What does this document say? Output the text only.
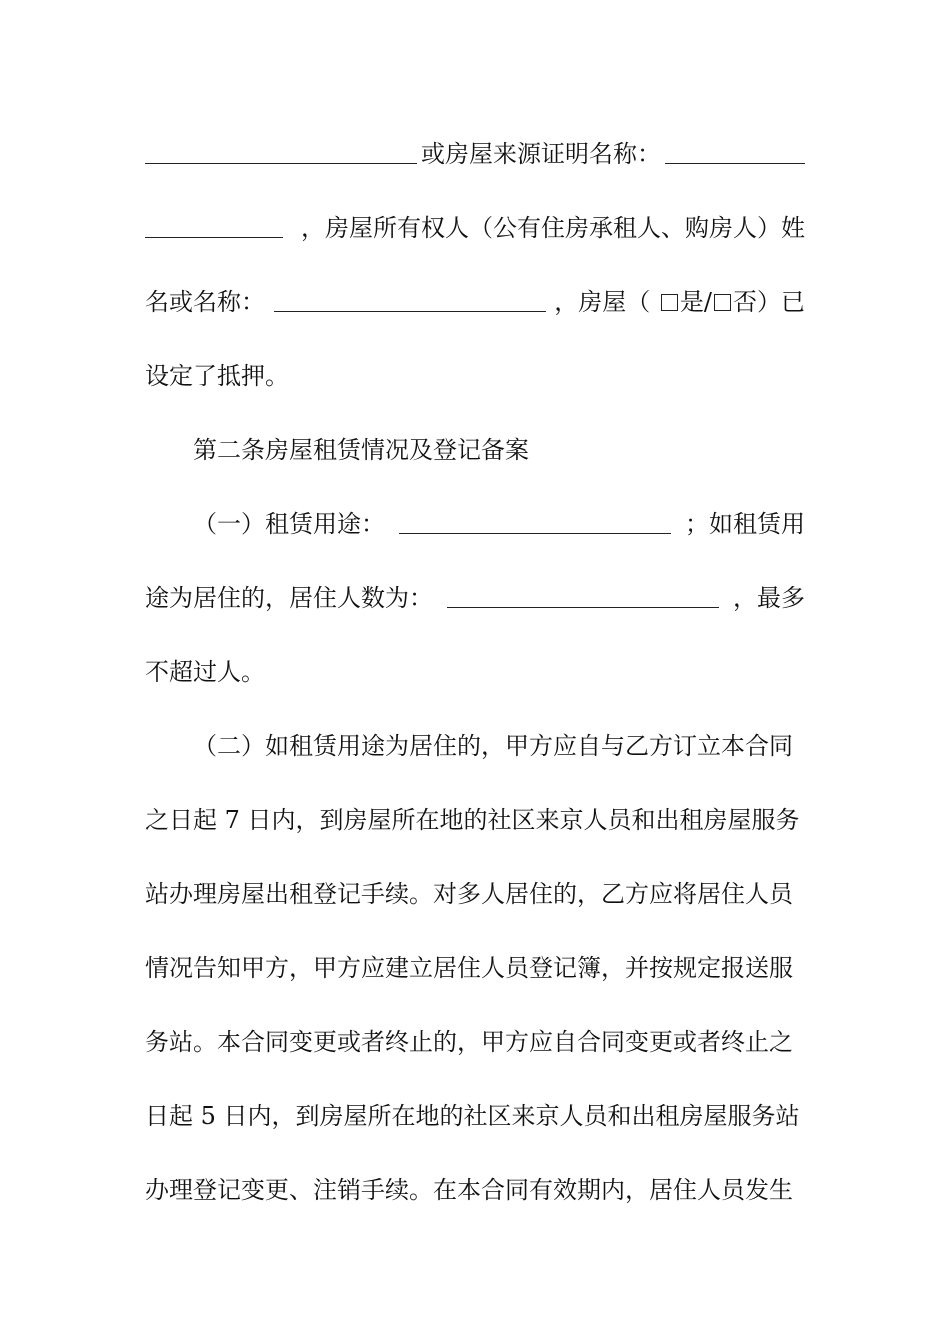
或房屋来源证明名称：
，房屋所有权人（公有住房承租人、购房人）姓
名或名称：	，房屋（	是/ 否）已
设定了抵押。
第二条房屋租赁情况及登记备案
（一）租赁用途：	；如租赁用
途为居住的，居住人数为：	，最多
不超过人。
（二）如租赁用途为居住的，甲方应自与乙方订立本合同
之日起 7 日内，到房屋所在地的社区来京人员和出租房屋服务
站办理房屋出租登记手续。对多人居住的，乙方应将居住人员
情况告知甲方，甲方应建立居住人员登记簿，并按规定报送服
务站。本合同变更或者终止的，甲方应自合同变更或者终止之
日起 5 日内，到房屋所在地的社区来京人员和出租房屋服务站
办理登记变更、注销手续。在本合同有效期内，居住人员发生
